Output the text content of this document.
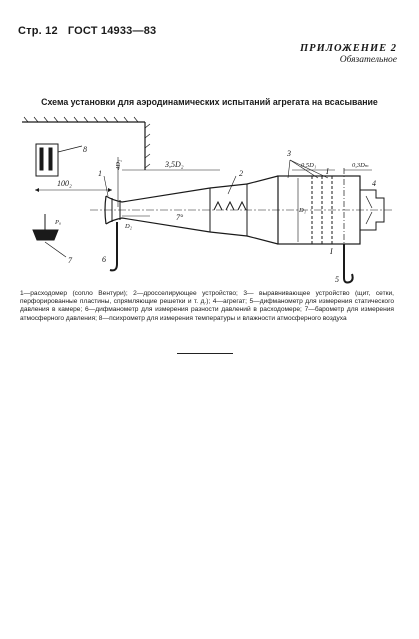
Стр. 12 ГОСТ 14933—83
ПРИЛОЖЕНИЕ 2
Обязательное
Схема установки для аэродинамических испытаний агрегата на всасывание
8
100₂
1
4D₂	3,5D₂
2
3
0,5D₁	0,3Dₘ
I
4
D₁
D₂
7°
Pₐ
7	6
I
5
1—расходомер (сопло Вентури); 2—дросселирующее устройство; 3— выравнивающее устройство (щит, сетки, перфорированные пластины, спрямляющие решетки и т. д.); 4—агрегат; 5—дифманометр для измерения статического давления в камере; 6—дифманометр для измерения разности давлений в расходомере; 7—барометр для измерения атмосферного давления; 8—психрометр для измерения температуры и влажности атмосферного воздуха
